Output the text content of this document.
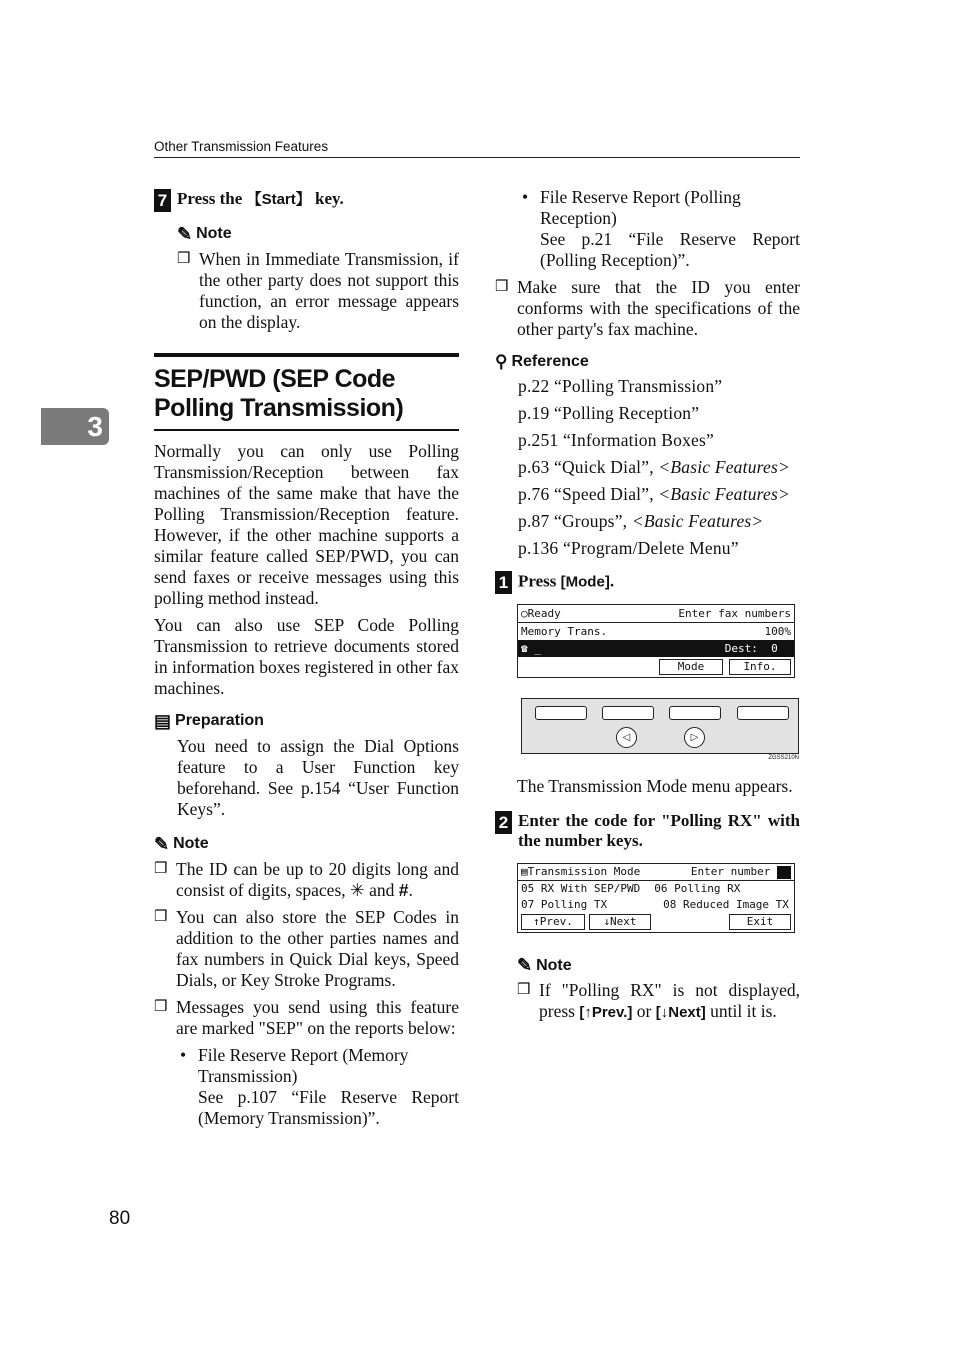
Other Transmission Features
3
7 Press the 【Start】 key.
✎ Note
❒ When in Immediate Transmission, if the other party does not support this function, an error message appears on the display.
SEP/PWD (SEP Code Polling Transmission)
Normally you can only use Polling Transmission/Reception between fax machines of the same make that have the Polling Transmission/Reception feature. However, if the other machine supports a similar feature called SEP/PWD, you can send faxes or receive messages using this polling method instead.
You can also use SEP Code Polling Transmission to retrieve documents stored in information boxes registered in other fax machines.
▤ Preparation
You need to assign the Dial Options feature to a User Function key beforehand. See p.154 “User Function Keys”.
✎ Note
❒ The ID can be up to 20 digits long and consist of digits, spaces, ✳ and #.
❒ You can also store the SEP Codes in addition to the other parties names and fax numbers in Quick Dial keys, Speed Dials, or Key Stroke Programs.
❒ Messages you send using this feature are marked "SEP" on the reports below:
• File Reserve Report (Memory Transmission)
See p.107 “File Reserve Report (Memory Transmission)”.
80
• File Reserve Report (Polling Reception)
See p.21 “File Reserve Report (Polling Reception)”.
❒ Make sure that the ID you enter conforms with the specifications of the other party's fax machine.
⚲ Reference
p.22 “Polling Transmission”
p.19 “Polling Reception”
p.251 “Information Boxes”
p.63 “Quick Dial”, <Basic Features>
p.76 “Speed Dial”, <Basic Features>
p.87 “Groups”, <Basic Features>
p.136 “Program/Delete Menu”
1 Press [Mode].
○Ready	Enter fax numbers
Memory Trans.	100%
☎ _	Dest: 0
Mode	Info.
◁	▷
ZGSS210N
The Transmission Mode menu appears.
2 Enter the code for "Polling RX" with the number keys.
▤Transmission Mode	Enter number
05 RX With SEP/PWD 06 Polling RX
07 Polling TX	08 Reduced Image TX
↑Prev.	↓Next	Exit
✎ Note
❒ If "Polling RX" is not displayed, press [↑Prev.] or [↓Next] until it is.
